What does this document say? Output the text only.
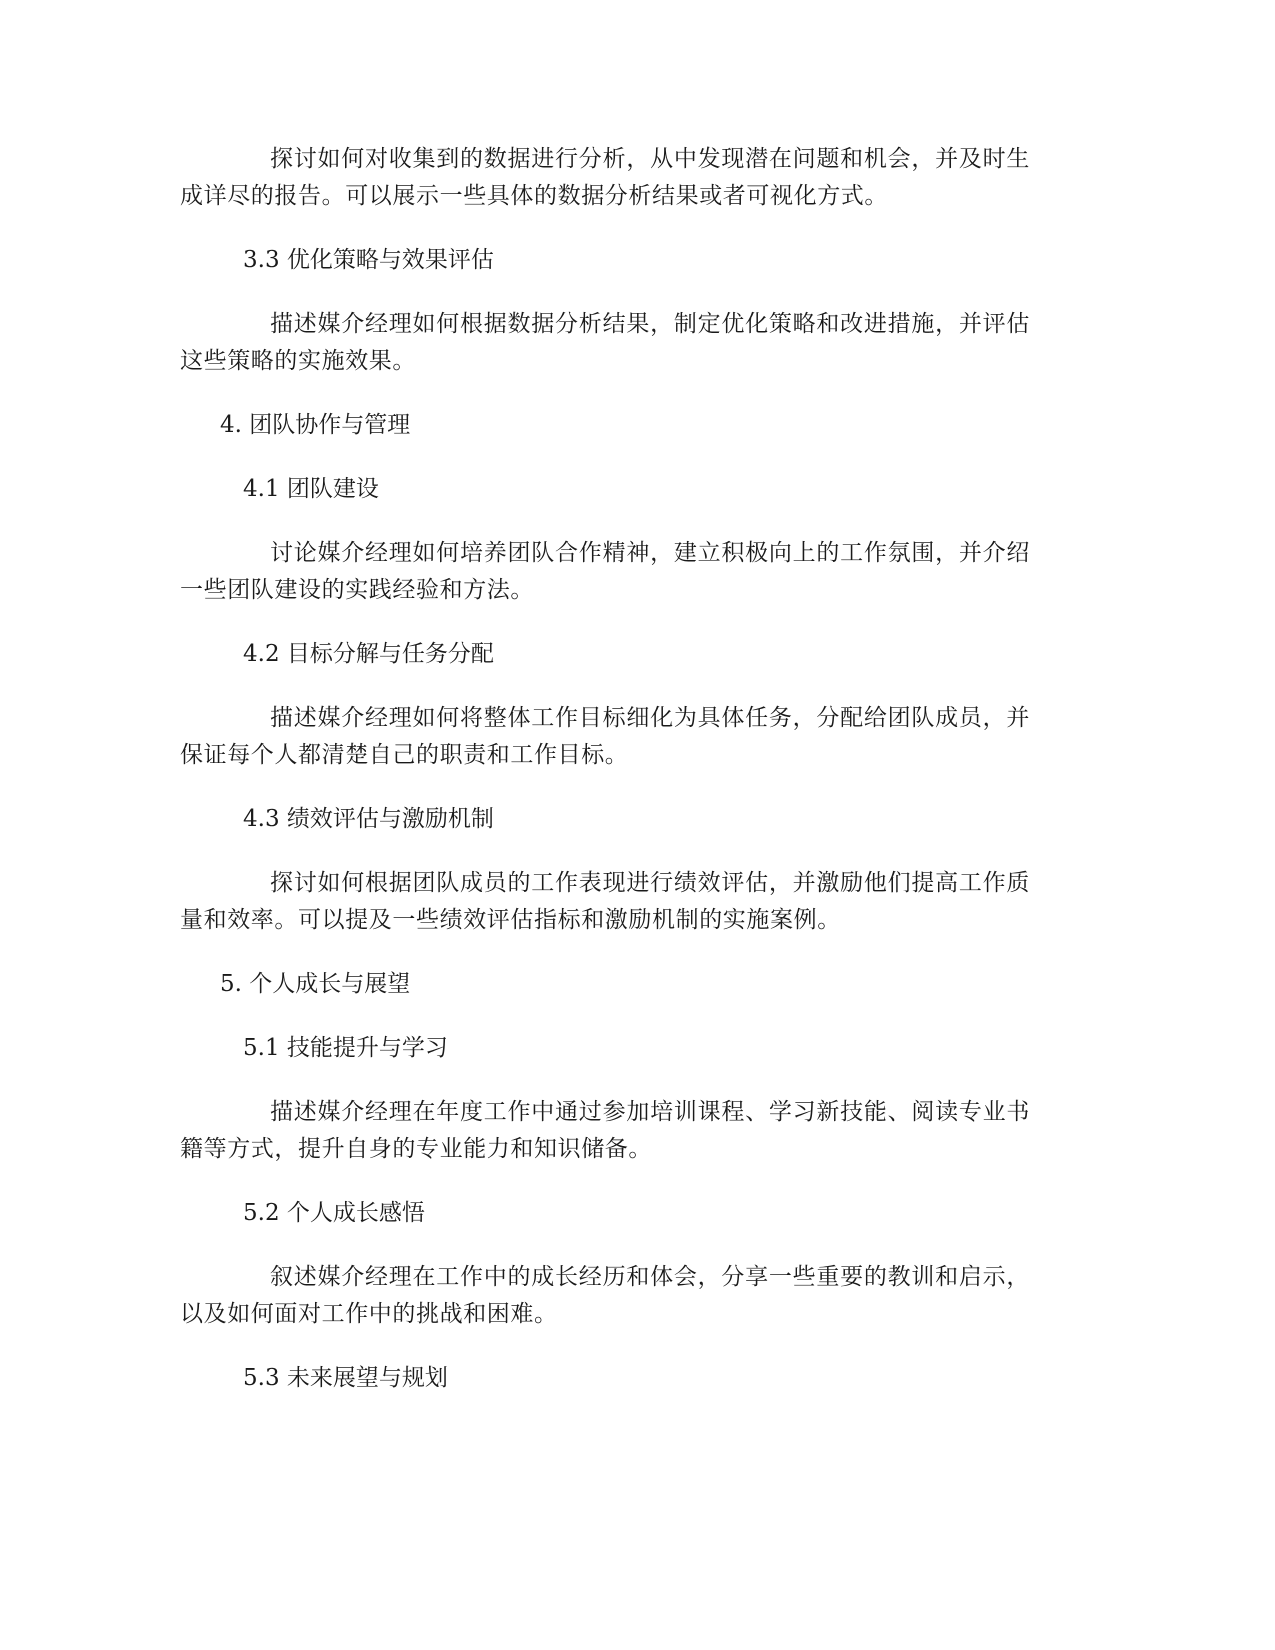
探讨如何对收集到的数据进行分析，从中发现潜在问题和机会，并及时生成详尽的报告。可以展示一些具体的数据分析结果或者可视化方式。

3.3 优化策略与效果评估

描述媒介经理如何根据数据分析结果，制定优化策略和改进措施，并评估这些策略的实施效果。

4. 团队协作与管理

4.1 团队建设

讨论媒介经理如何培养团队合作精神，建立积极向上的工作氛围，并介绍一些团队建设的实践经验和方法。

4.2 目标分解与任务分配

描述媒介经理如何将整体工作目标细化为具体任务，分配给团队成员，并保证每个人都清楚自己的职责和工作目标。

4.3 绩效评估与激励机制

探讨如何根据团队成员的工作表现进行绩效评估，并激励他们提高工作质量和效率。可以提及一些绩效评估指标和激励机制的实施案例。

5. 个人成长与展望

5.1 技能提升与学习

描述媒介经理在年度工作中通过参加培训课程、学习新技能、阅读专业书籍等方式，提升自身的专业能力和知识储备。

5.2 个人成长感悟

叙述媒介经理在工作中的成长经历和体会，分享一些重要的教训和启示，以及如何面对工作中的挑战和困难。

5.3 未来展望与规划
